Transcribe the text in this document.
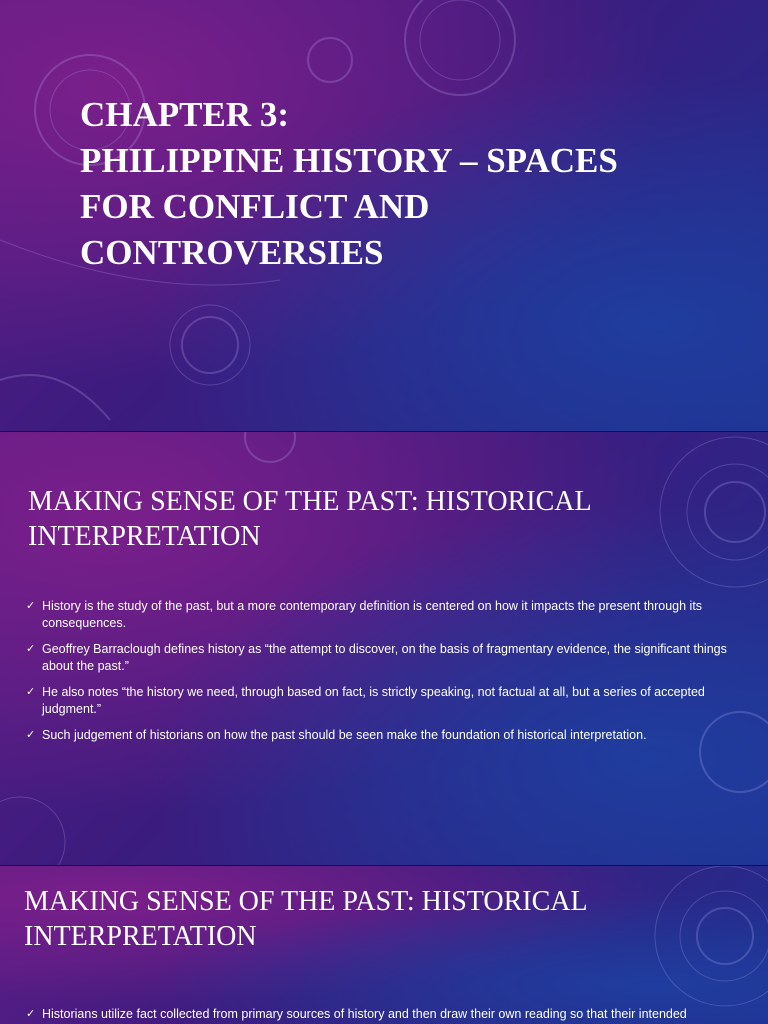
CHAPTER 3:
PHILIPPINE HISTORY – SPACES
FOR CONFLICT AND
CONTROVERSIES
MAKING SENSE OF THE PAST: HISTORICAL
INTERPRETATION
✓ History is the study of the past, but a more contemporary definition is centered on how it impacts the present through its consequences.
✓ Geoffrey Barraclough defines history as “the attempt to discover, on the basis of fragmentary evidence, the significant things about the past.”
✓ He also notes “the history we need, through based on fact, is strictly speaking, not factual at all, but a series of accepted judgment.”
✓ Such judgement of historians on how the past should be seen make the foundation of historical interpretation.
MAKING SENSE OF THE PAST: HISTORICAL
INTERPRETATION
✓ Historians utilize fact collected from primary sources of history and then draw their own reading so that their intended
